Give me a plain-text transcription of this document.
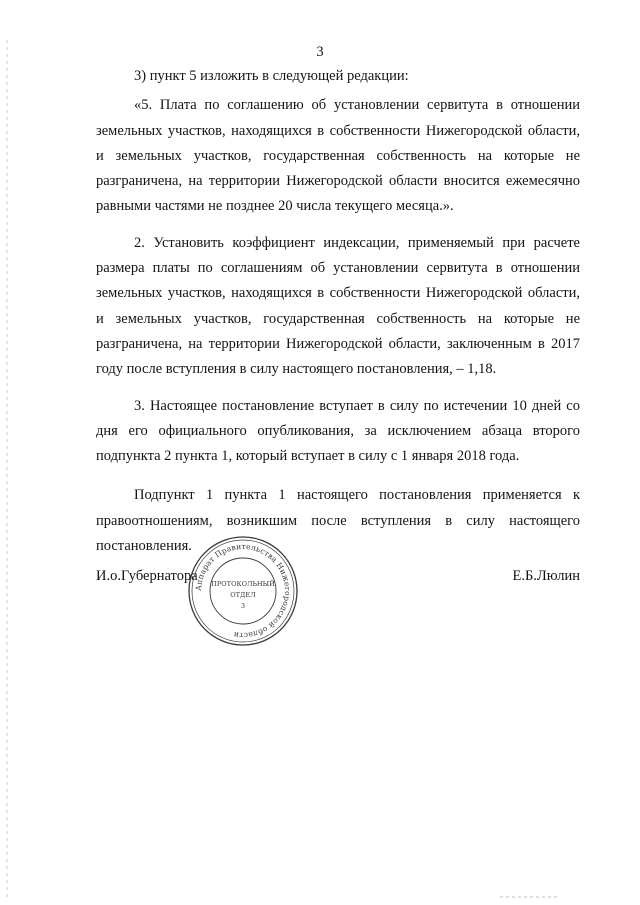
3

3) пункт 5 изложить в следующей редакции:

«5. Плата по соглашению об установлении сервитута в отношении земельных участков, находящихся в собственности Нижегородской области, и земельных участков, государственная собственность на которые не разграничена, на территории Нижегородской области вносится ежемесячно равными частями не позднее 20 числа текущего месяца.».

2. Установить коэффициент индексации, применяемый при расчете размера платы по соглашениям об установлении сервитута в отношении земельных участков, находящихся в собственности Нижегородской области, и земельных участков, государственная собственность на которые не разграничена, на территории Нижегородской области, заключенным в 2017 году после вступления в силу настоящего постановления, – 1,18.

3. Настоящее постановление вступает в силу по истечении 10 дней со дня его официального опубликования, за исключением абзаца второго подпункта 2 пункта 1, который вступает в силу с 1 января 2018 года.

Подпункт 1 пункта 1 настоящего постановления применяется к правоотношениям, возникшим после вступления в силу настоящего постановления.

И.о.Губернатора	Е.Б.Люлин
Аппарат Правительства Нижегородской области
ПРОТОКОЛЬНЫЙ
ОТДЕЛ
3
